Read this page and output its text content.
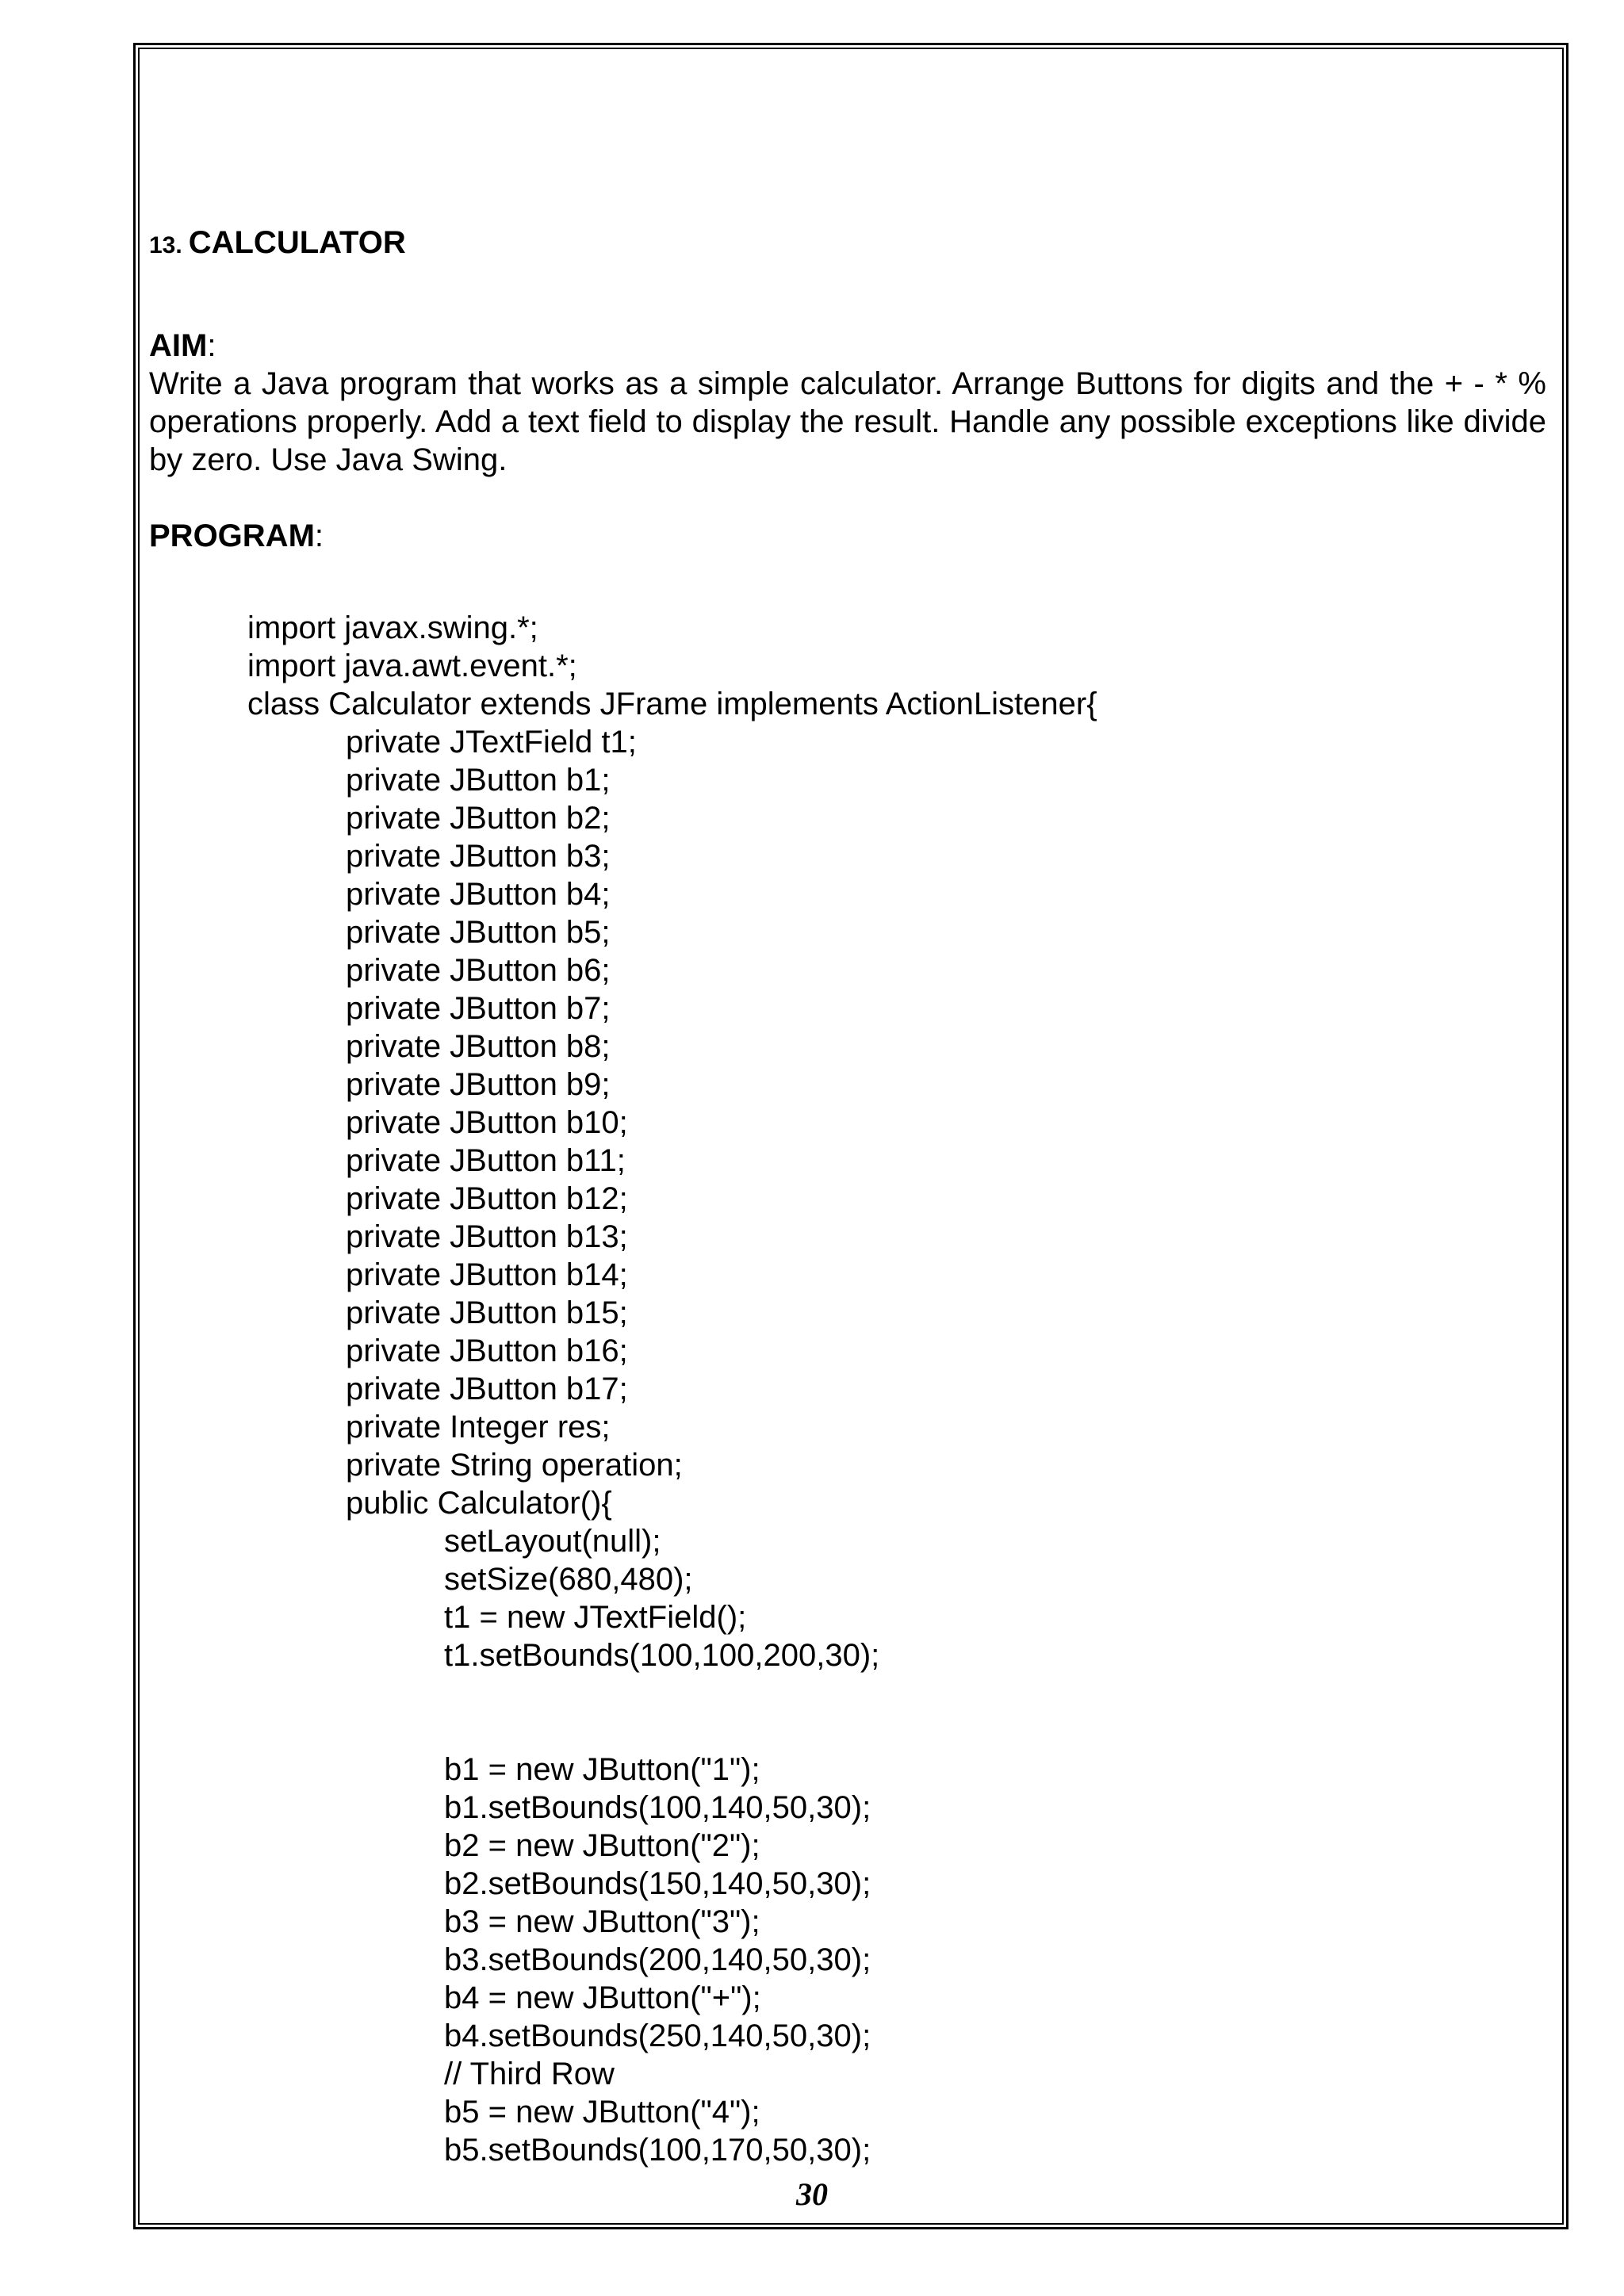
13. CALCULATOR
AIM:

Write a Java program that works as a simple calculator. Arrange Buttons for digits and the + - * % operations properly. Add a text field to display the result. Handle any possible exceptions like divide by zero. Use Java Swing.

PROGRAM:
import javax.swing.*;
import java.awt.event.*;
class Calculator extends JFrame implements ActionListener{
private JTextField t1;
private JButton b1;
private JButton b2;
private JButton b3;
private JButton b4;
private JButton b5;
private JButton b6;
private JButton b7;
private JButton b8;
private JButton b9;
private JButton b10;
private JButton b11;
private JButton b12;
private JButton b13;
private JButton b14;
private JButton b15;
private JButton b16;
private JButton b17;
private Integer res;
private String operation;
public Calculator(){
setLayout(null);
setSize(680,480);
t1 = new JTextField();
t1.setBounds(100,100,200,30);
b1 = new JButton("1");
b1.setBounds(100,140,50,30);
b2 = new JButton("2");
b2.setBounds(150,140,50,30);
b3 = new JButton("3");
b3.setBounds(200,140,50,30);
b4 = new JButton("+");
b4.setBounds(250,140,50,30);
// Third Row
b5 = new JButton("4");
b5.setBounds(100,170,50,30);
30
